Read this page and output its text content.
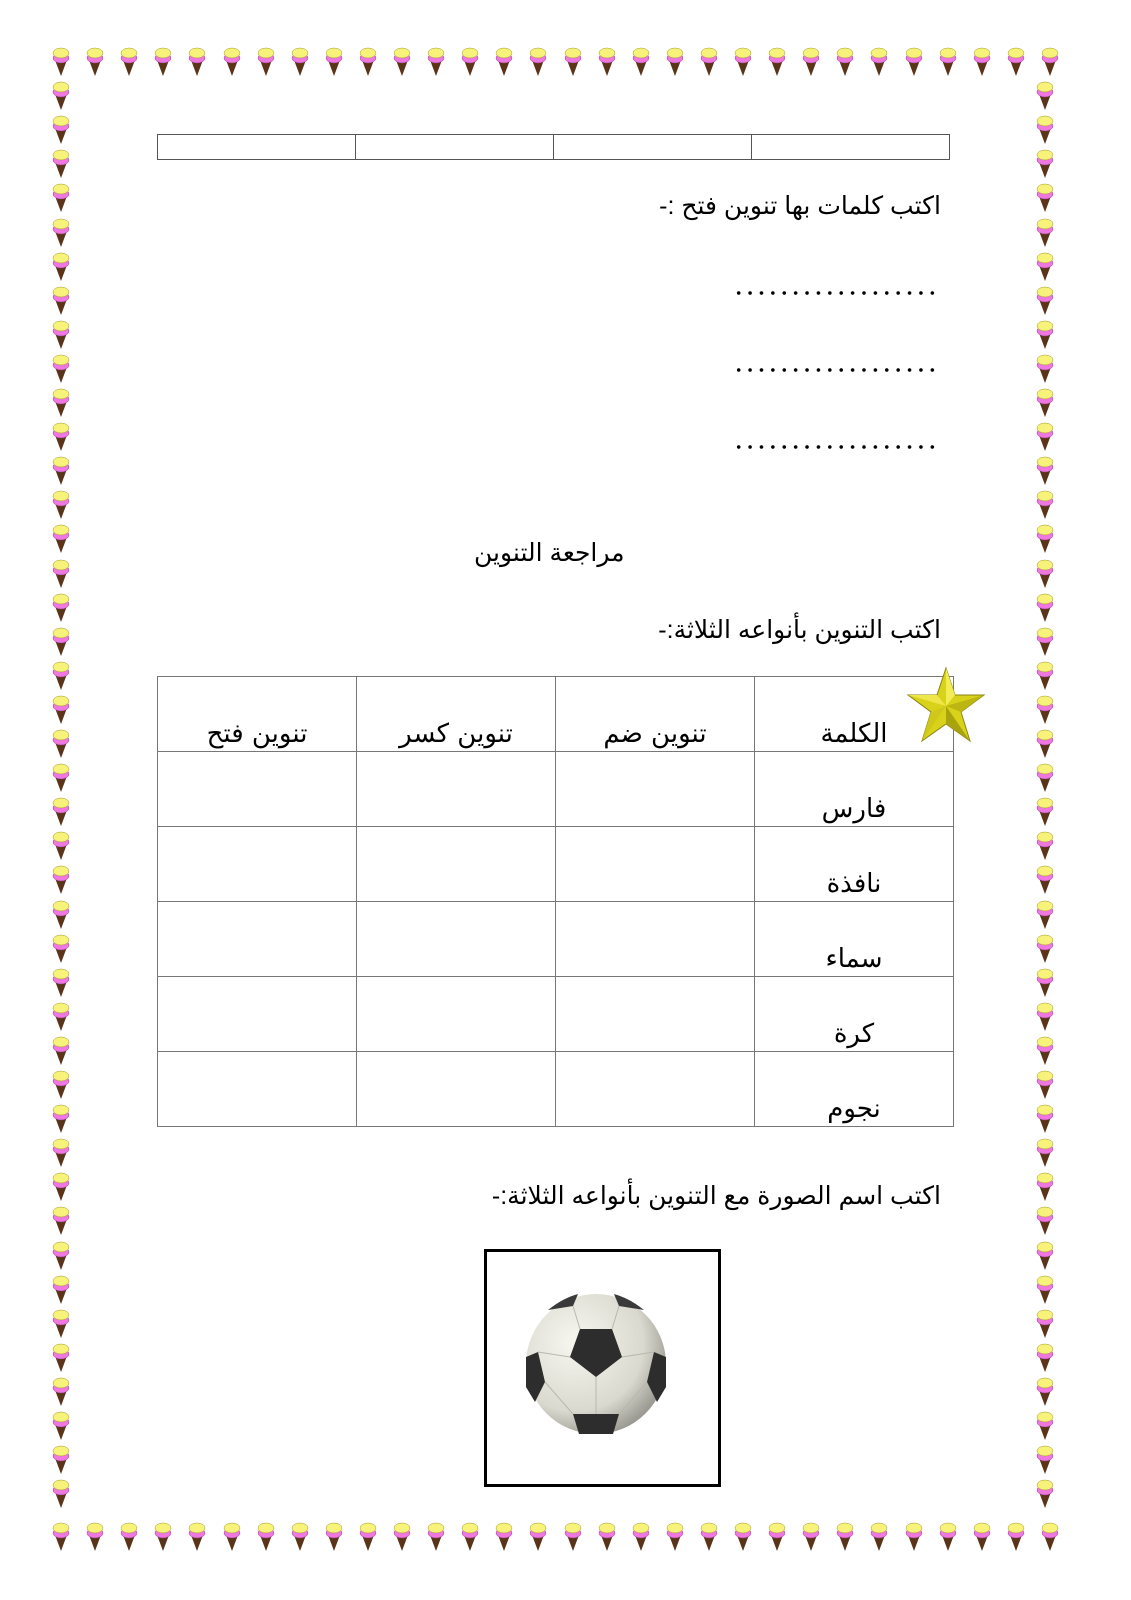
اكتب كلمات بها تنوين فتح :-
مراجعة التنوين
اكتب التنوين بأنواعه الثلاثة:-
الكلمة	تنوين ضم	تنوين كسر	تنوين فتح
فارس			
نافذة			
سماء			
كرة			
نجوم			
اكتب اسم الصورة مع التنوين بأنواعه الثلاثة:-
